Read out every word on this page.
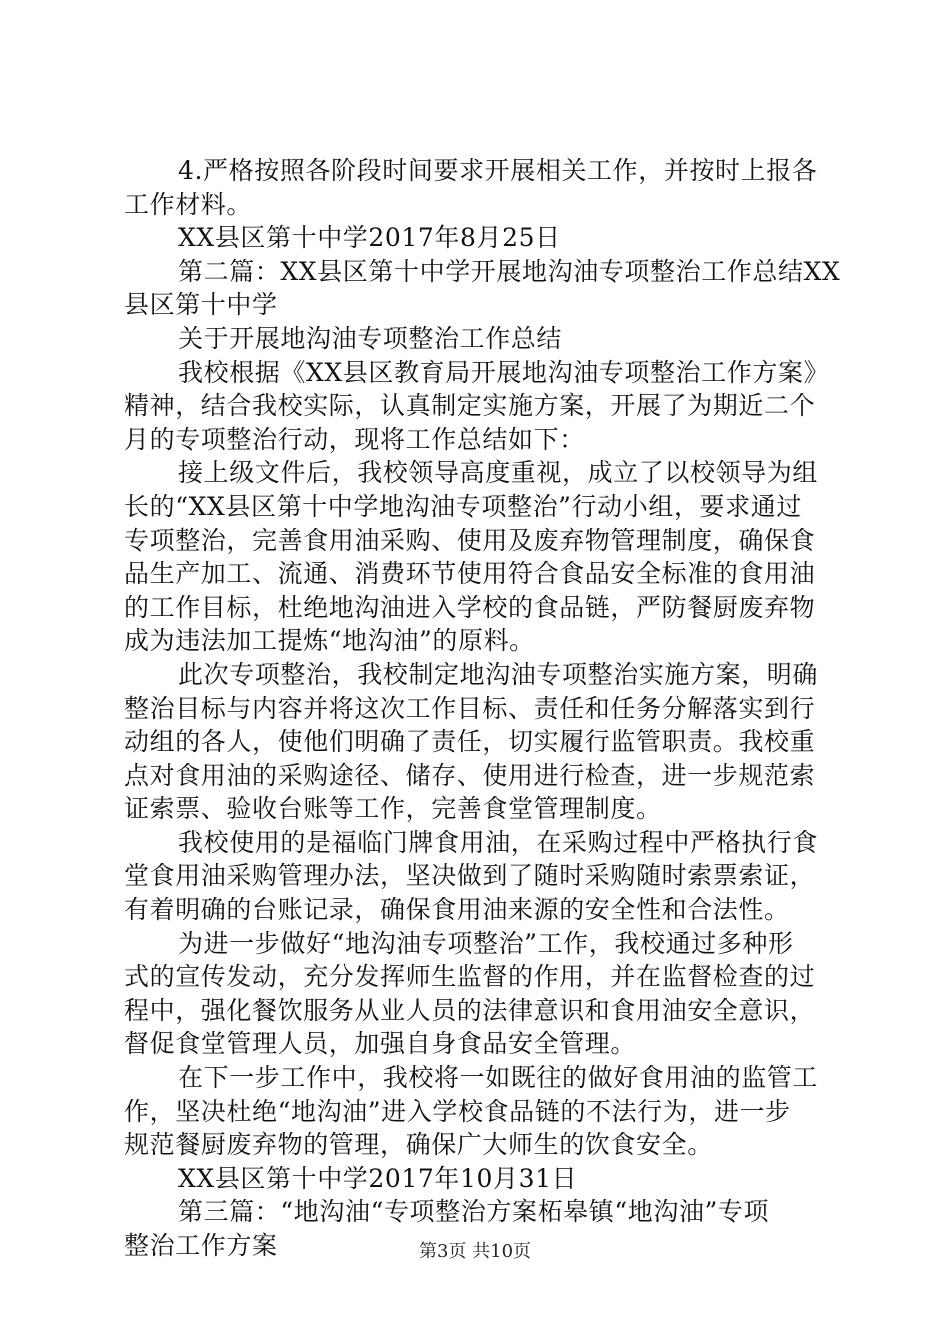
4.严格按照各阶段时间要求开展相关工作，并按时上报各
工作材料。
XX县区第十中学2017年8月25日
第二篇：XX县区第十中学开展地沟油专项整治工作总结XX
县区第十中学
关于开展地沟油专项整治工作总结
我校根据《XX县区教育局开展地沟油专项整治工作方案》
精神，结合我校实际，认真制定实施方案，开展了为期近二个
月的专项整治行动，现将工作总结如下：
接上级文件后，我校领导高度重视，成立了以校领导为组
长的“XX县区第十中学地沟油专项整治”行动小组，要求通过
专项整治，完善食用油采购、使用及废弃物管理制度，确保食
品生产加工、流通、消费环节使用符合食品安全标准的食用油
的工作目标，杜绝地沟油进入学校的食品链，严防餐厨废弃物
成为违法加工提炼“地沟油”的原料。
此次专项整治，我校制定地沟油专项整治实施方案，明确
整治目标与内容并将这次工作目标、责任和任务分解落实到行
动组的各人，使他们明确了责任，切实履行监管职责。我校重
点对食用油的采购途径、储存、使用进行检查，进一步规范索
证索票、验收台账等工作，完善食堂管理制度。
我校使用的是福临门牌食用油，在采购过程中严格执行食
堂食用油采购管理办法，坚决做到了随时采购随时索票索证，
有着明确的台账记录，确保食用油来源的安全性和合法性。
为进一步做好“地沟油专项整治”工作，我校通过多种形
式的宣传发动，充分发挥师生监督的作用，并在监督检查的过
程中，强化餐饮服务从业人员的法律意识和食用油安全意识，
督促食堂管理人员，加强自身食品安全管理。
在下一步工作中，我校将一如既往的做好食用油的监管工
作，坚决杜绝“地沟油”进入学校食品链的不法行为，进一步
规范餐厨废弃物的管理，确保广大师生的饮食安全。
XX县区第十中学2017年10月31日
第三篇：“地沟油“专项整治方案柘皋镇“地沟油”专项
整治工作方案	第3页 共10页
